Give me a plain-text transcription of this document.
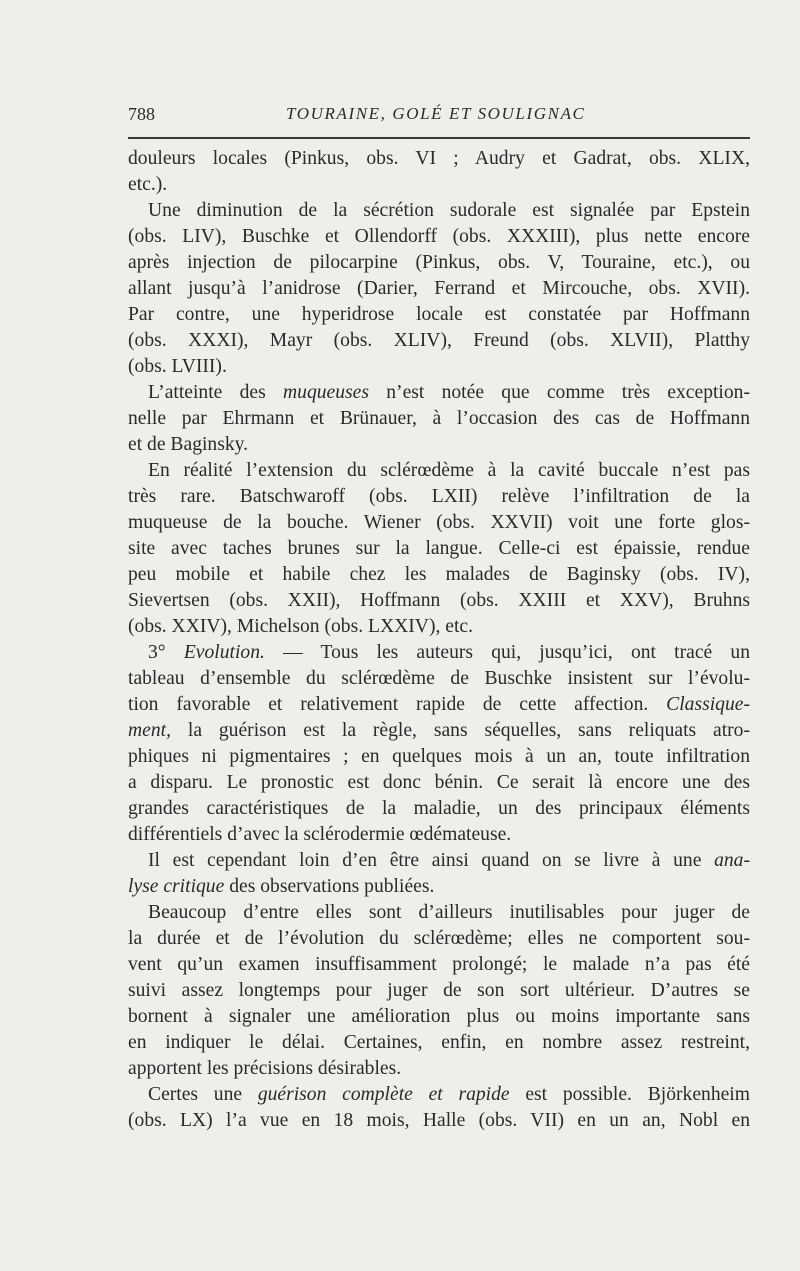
788	TOURAINE, GOLÉ ET SOULIGNAC
douleurs locales (Pinkus, obs. VI ; Audry et Gadrat, obs. XLIX,
etc.).
Une diminution de la sécrétion sudorale est signalée par Epstein
(obs. LIV), Buschke et Ollendorff (obs. XXXIII), plus nette encore
après injection de pilocarpine (Pinkus, obs. V, Touraine, etc.), ou
allant jusqu’à l’anidrose (Darier, Ferrand et Mircouche, obs. XVII).
Par contre, une hyperidrose locale est constatée par Hoffmann
(obs. XXXI), Mayr (obs. XLIV), Freund (obs. XLVII), Platthy
(obs. LVIII).
L’atteinte des muqueuses n’est notée que comme très exception-
nelle par Ehrmann et Brünauer, à l’occasion des cas de Hoffmann
et de Baginsky.
En réalité l’extension du sclérœdème à la cavité buccale n’est pas
très rare. Batschwaroff (obs. LXII) relève l’infiltration de la
muqueuse de la bouche. Wiener (obs. XXVII) voit une forte glos-
site avec taches brunes sur la langue. Celle-ci est épaissie, rendue
peu mobile et habile chez les malades de Baginsky (obs. IV),
Sievertsen (obs. XXII), Hoffmann (obs. XXIII et XXV), Bruhns
(obs. XXIV), Michelson (obs. LXXIV), etc.
3° Evolution. — Tous les auteurs qui, jusqu’ici, ont tracé un
tableau d’ensemble du sclérœdème de Buschke insistent sur l’évolu-
tion favorable et relativement rapide de cette affection. Classique-
ment, la guérison est la règle, sans séquelles, sans reliquats atro-
phiques ni pigmentaires ; en quelques mois à un an, toute infiltration
a disparu. Le pronostic est donc bénin. Ce serait là encore une des
grandes caractéristiques de la maladie, un des principaux éléments
différentiels d’avec la sclérodermie œdémateuse.
Il est cependant loin d’en être ainsi quand on se livre à une ana-
lyse critique des observations publiées.
Beaucoup d’entre elles sont d’ailleurs inutilisables pour juger de
la durée et de l’évolution du sclérœdème; elles ne comportent sou-
vent qu’un examen insuffisamment prolongé; le malade n’a pas été
suivi assez longtemps pour juger de son sort ultérieur. D’autres se
bornent à signaler une amélioration plus ou moins importante sans
en indiquer le délai. Certaines, enfin, en nombre assez restreint,
apportent les précisions désirables.
Certes une guérison complète et rapide est possible. Björkenheim
(obs. LX) l’a vue en 18 mois, Halle (obs. VII) en un an, Nobl en
